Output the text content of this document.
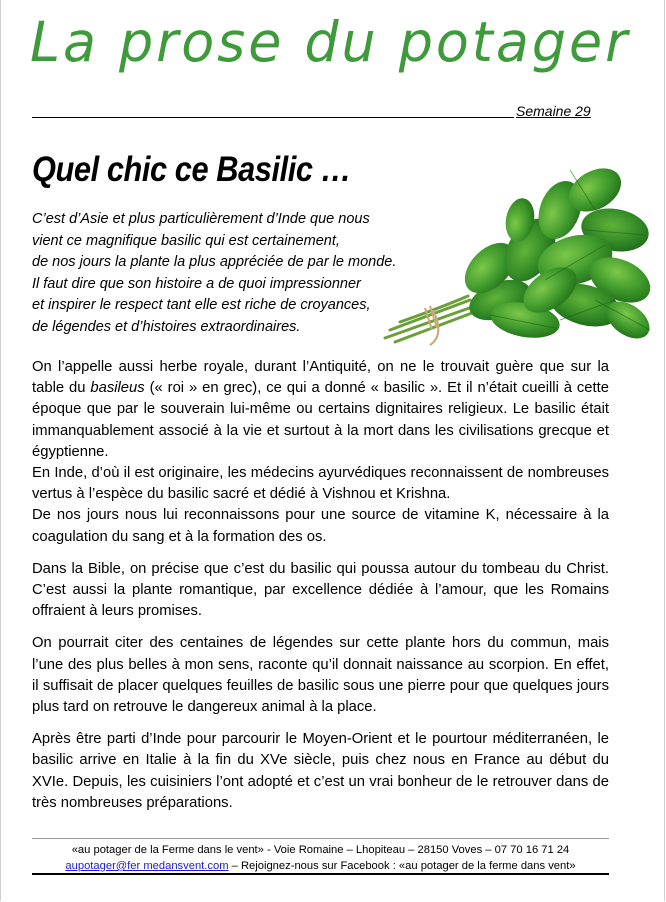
La prose du potager
Semaine 29
Quel chic ce Basilic …
C’est d’Asie et plus particulièrement d’Inde que nous
vient ce magnifique basilic qui est certainement,
de nos jours la plante la plus appréciée de par le monde.
Il faut dire que son histoire a de quoi impressionner
et inspirer le respect tant elle est riche de croyances,
de légendes et d’histoires extraordinaires.

On l’appelle aussi herbe royale, durant l’Antiquité, on ne le trouvait guère que sur la table du basileus (« roi » en grec), ce qui a donné « basilic ». Et il n’était cueilli à cette époque que par le souverain lui-même ou certains dignitaires religieux. Le basilic était immanquablement associé à la vie et surtout à la mort dans les civilisations grecque et égyptienne.

En Inde, d’où il est originaire, les médecins ayurvédiques reconnaissent de nombreuses vertus à l’espèce du basilic sacré et dédié à Vishnou et Krishna.

De nos jours nous lui reconnaissons pour une source de vitamine K, nécessaire à la coagulation du sang et à la formation des os.

Dans la Bible, on précise que c’est du basilic qui poussa autour du tombeau du Christ. C’est aussi la plante romantique, par excellence dédiée à l’amour, que les Romains offraient à leurs promises.

On pourrait citer des centaines de légendes sur cette plante hors du commun, mais l’une des plus belles à mon sens, raconte qu’il donnait naissance au scorpion. En effet, il suffisait de placer quelques feuilles de basilic sous une pierre pour que quelques jours plus tard on retrouve le dangereux animal à la place.

Après être parti d’Inde pour parcourir le Moyen-Orient et le pourtour méditerranéen, le basilic arrive en Italie à la fin du XVe siècle, puis chez nous en France au début du XVIe. Depuis, les cuisiniers l’ont adopté et c’est un vrai bonheur de le retrouver dans de très nombreuses préparations.

«au potager de la Ferme dans le vent» - Voie Romaine – Lhopiteau – 28150 Voves – 07 70 16 71 24
aupotager@fer medansvent.com – Rejoignez-nous sur Facebook : «au potager de la ferme dans vent»
